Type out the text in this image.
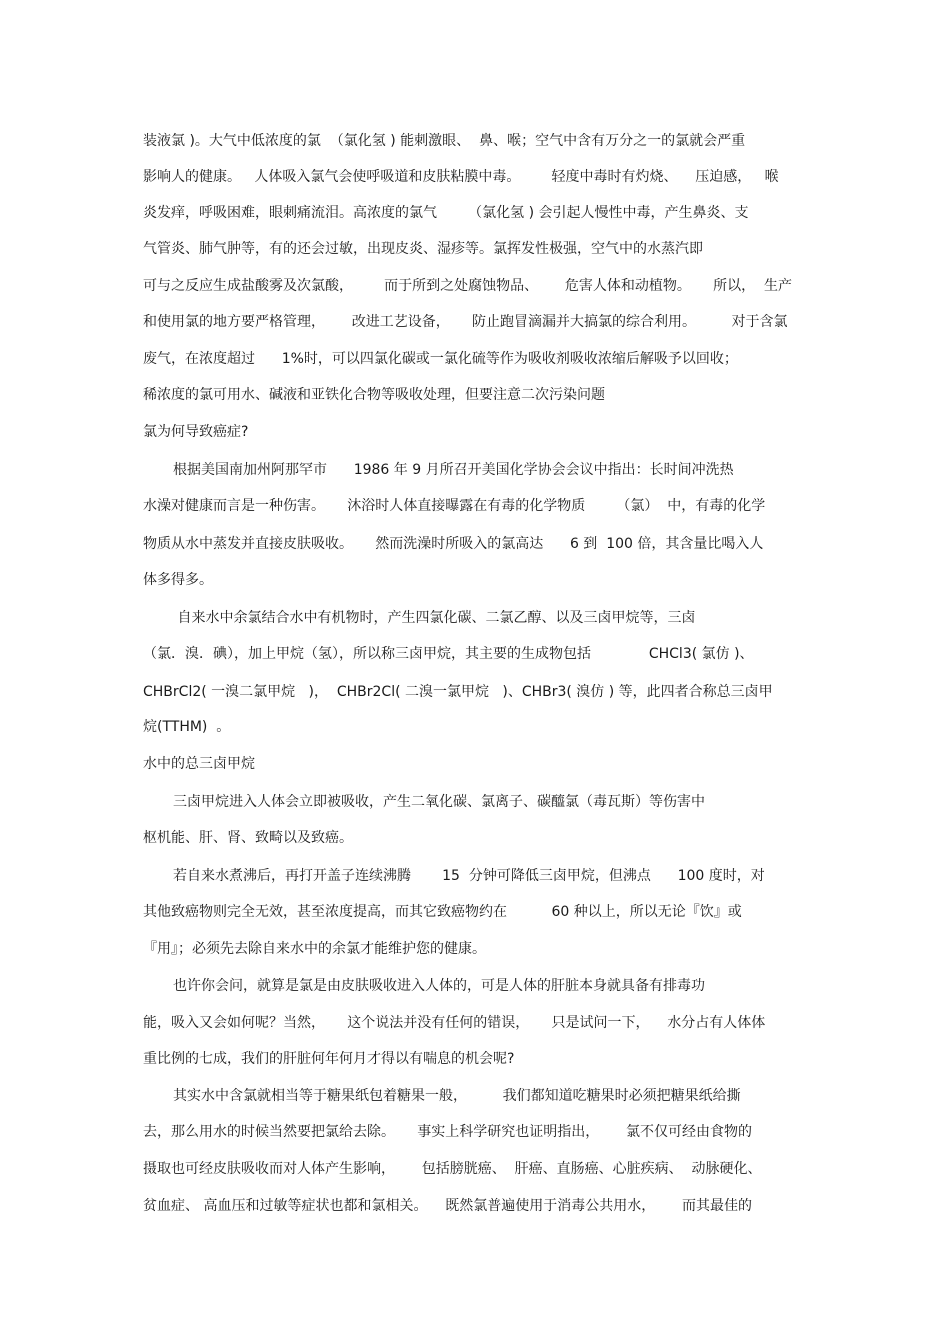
装液氯 )。大气中低浓度的氯  （氯化氢 ) 能刺激眼、  鼻、喉；空气中含有万分之一的氯就会严重
影响人的健康。   人体吸入氯气会使呼吸道和皮肤粘膜中毒。       轻度中毒时有灼烧、    压迫感，   喉
炎发痒，呼吸困难，眼刺痛流泪。高浓度的氯气       （氯化氢 ) 会引起人慢性中毒，产生鼻炎、支
气管炎、肺气肿等，有的还会过敏，出现皮炎、湿疹等。氯挥发性极强，空气中的水蒸汽即
可与之反应生成盐酸雾及次氯酸，       而于所到之处腐蚀物品、      危害人体和动植物。     所以，  生产
和使用氯的地方要严格管理，      改进工艺设备，     防止跑冒滴漏并大搞氯的综合利用。        对于含氯
废气，在浓度超过      1%时，可以四氯化碳或一氯化硫等作为吸收剂吸收浓缩后解吸予以回收；
稀浓度的氯可用水、碱液和亚铁化合物等吸收处理，但要注意二次污染问题
氯为何导致癌症?
根据美国南加州阿那罕市      1986 年 9 月所召开美国化学协会会议中指出：长时间冲洗热
水澡对健康而言是一种伤害。     沐浴时人体直接曝露在有毒的化学物质       （氯）  中，有毒的化学
物质从水中蒸发并直接皮肤吸收。     然而洗澡时所吸入的氯高达      6 到  100 倍，其含量比喝入人
体多得多。
自来水中余氯结合水中有机物时，产生四氯化碳、二氯乙醇、以及三卤甲烷等，三卤
（氯．溴．碘），加上甲烷（氢），所以称三卤甲烷，其主要的生成物包括             CHCl3( 氯仿 )、
CHBrCl2( 一溴二氯甲烷   )，  CHBr2Cl( 二溴一氯甲烷   )、CHBr3( 溴仿 ) 等，此四者合称总三卤甲
烷(TTHM)  。
水中的总三卤甲烷
三卤甲烷进入人体会立即被吸收，产生二氧化碳、氯离子、碳醯氯（毒瓦斯）等伤害中
枢机能、肝、肾、致畸以及致癌。
若自来水煮沸后，再打开盖子连续沸腾       15  分钟可降低三卤甲烷，但沸点      100 度时，对
其他致癌物则完全无效，甚至浓度提高，而其它致癌物约在          60 种以上，所以无论『饮』或
『用』；必须先去除自来水中的余氯才能维护您的健康。
也许你会问，就算是氯是由皮肤吸收进入人体的，可是人体的肝脏本身就具备有排毒功
能，吸入又会如何呢？当然，     这个说法并没有任何的错误，     只是试问一下，    水分占有人体体
重比例的七成，我们的肝脏何年何月才得以有喘息的机会呢?
其实水中含氯就相当等于糖果纸包着糖果一般，        我们都知道吃糖果时必须把糖果纸给撕
去，那么用水的时候当然要把氯给去除。     事实上科学研究也证明指出，      氯不仅可经由食物的
摄取也可经皮肤吸收而对人体产生影响，      包括膀胱癌、  肝癌、直肠癌、心脏疾病、  动脉硬化、
贫血症、 高血压和过敏等症状也都和氯相关。    既然氯普遍使用于消毒公共用水，      而其最佳的
